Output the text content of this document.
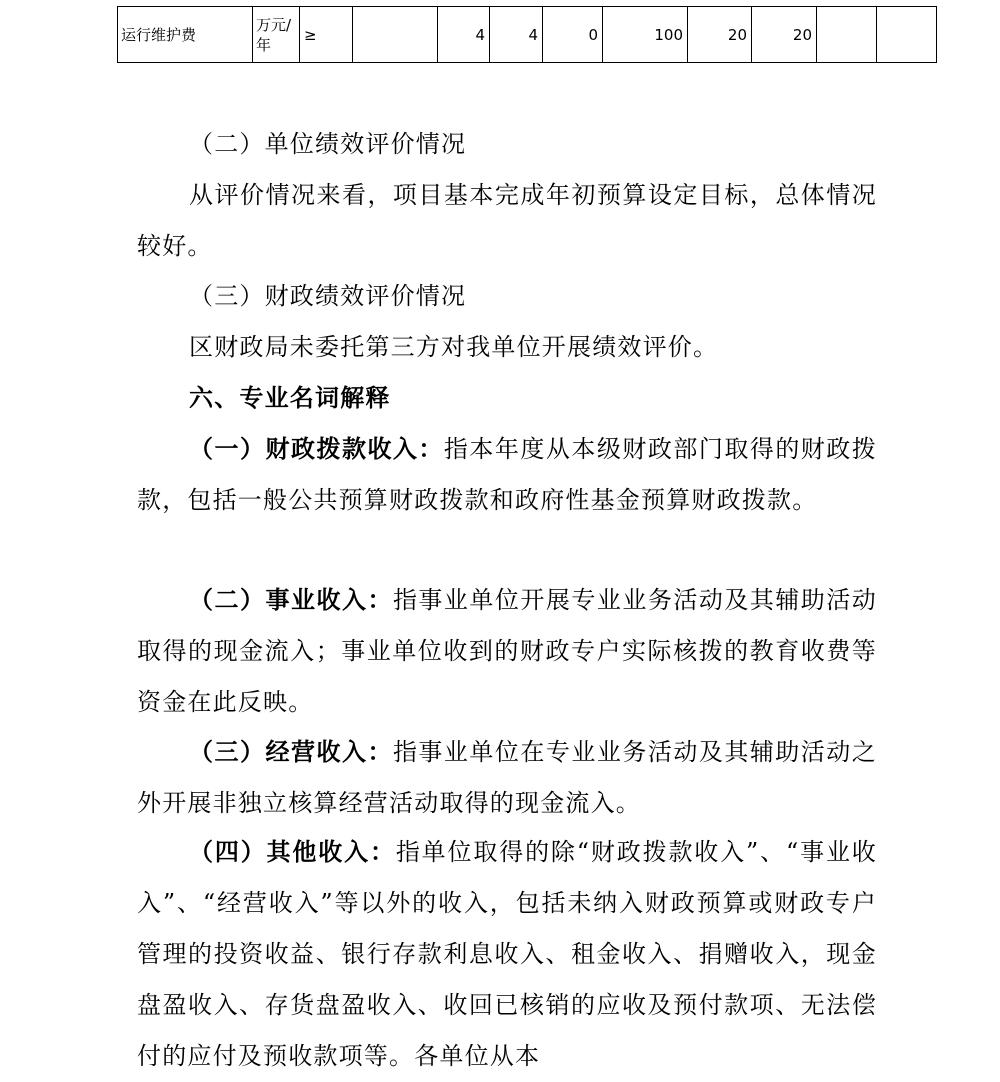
运行维护费	万元/年	≥		4	4	0	100	20	20		

（二）单位绩效评价情况

从评价情况来看，项目基本完成年初预算设定目标，总体情况较好。

（三）财政绩效评价情况

区财政局未委托第三方对我单位开展绩效评价。

六、专业名词解释

（一）财政拨款收入：指本年度从本级财政部门取得的财政拨款，包括一般公共预算财政拨款和政府性基金预算财政拨款。

（二）事业收入：指事业单位开展专业业务活动及其辅助活动取得的现金流入；事业单位收到的财政专户实际核拨的教育收费等资金在此反映。

（三）经营收入：指事业单位在专业业务活动及其辅助活动之外开展非独立核算经营活动取得的现金流入。

（四）其他收入：指单位取得的除“财政拨款收入”、“事业收入”、“经营收入”等以外的收入，包括未纳入财政预算或财政专户管理的投资收益、银行存款利息收入、租金收入、捐赠收入，现金盘盈收入、存货盘盈收入、收回已核销的应收及预付款项、无法偿付的应付及预收款项等。各单位从本
